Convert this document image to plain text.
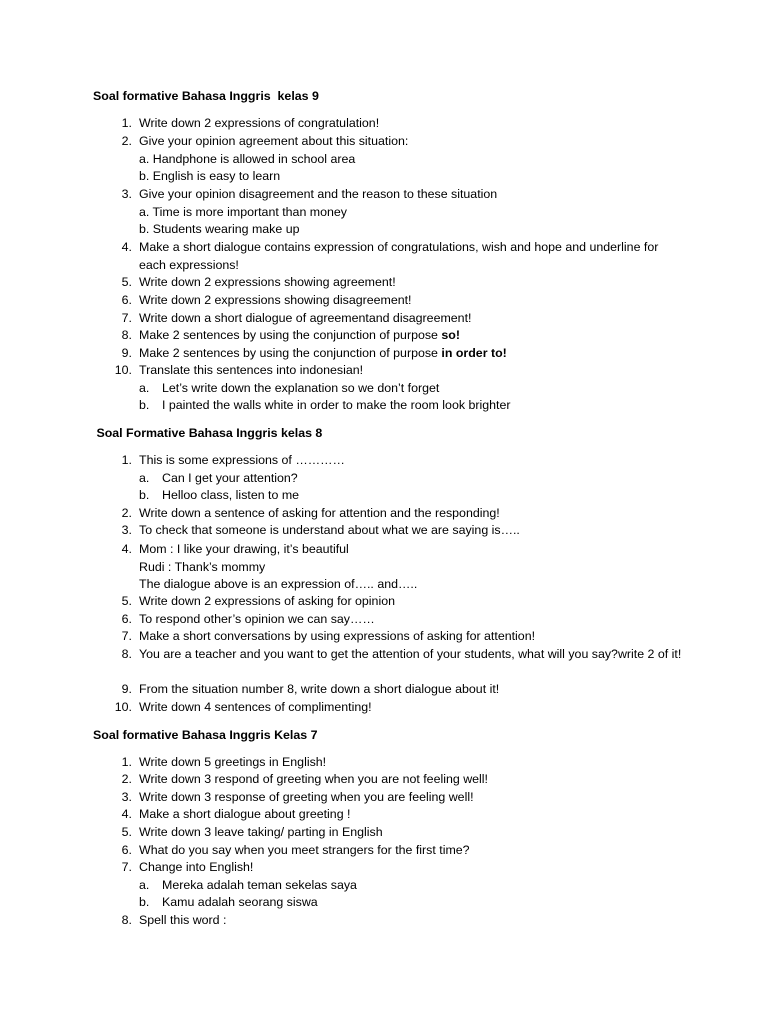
Soal formative Bahasa Inggris  kelas 9
1. Write down 2 expressions of congratulation!
2. Give your opinion agreement about this situation:
a. Handphone is allowed in school area
b. English is easy to learn
3. Give your opinion disagreement and the reason to these situation
a. Time is more important than money
b. Students wearing make up
4. Make a short dialogue contains expression of congratulations, wish and hope and underline for each expressions!
5. Write down 2 expressions showing agreement!
6. Write down 2 expressions showing disagreement!
7. Write down a short dialogue of agreementand disagreement!
8. Make 2 sentences by using the conjunction of purpose so!
9. Make 2 sentences by using the conjunction of purpose in order to!
10. Translate this sentences into indonesian!
a. Let’s write down the explanation so we don’t forget
b. I painted the walls white in order to make the room look brighter
Soal Formative Bahasa Inggris kelas 8
1. This is some expressions of …………
a. Can I get your attention?
b. Helloo class, listen to me
2. Write down a sentence of asking for attention and the responding!
3. To check that someone is understand about what we are saying is…..
4. Mom : I like your drawing, it’s beautiful
Rudi : Thank’s mommy
The dialogue above is an expression of….. and…..
5. Write down 2 expressions of asking for opinion
6. To respond other’s opinion we can say……
7. Make a short conversations by using expressions of asking for attention!
8. You are a teacher and you want to get the attention of your students, what will you say?write 2 of it!
9. From the situation number 8, write down a short dialogue about it!
10. Write down 4 sentences of complimenting!
Soal formative Bahasa Inggris Kelas 7
1. Write down 5 greetings in English!
2. Write down 3 respond of greeting when you are not feeling well!
3. Write down 3 response of greeting when you are feeling well!
4. Make a short dialogue about greeting !
5. Write down 3 leave taking/ parting in English
6. What do you say when you meet strangers for the first time?
7. Change into English!
a. Mereka adalah teman sekelas saya
b. Kamu adalah seorang siswa
8. Spell this word :
